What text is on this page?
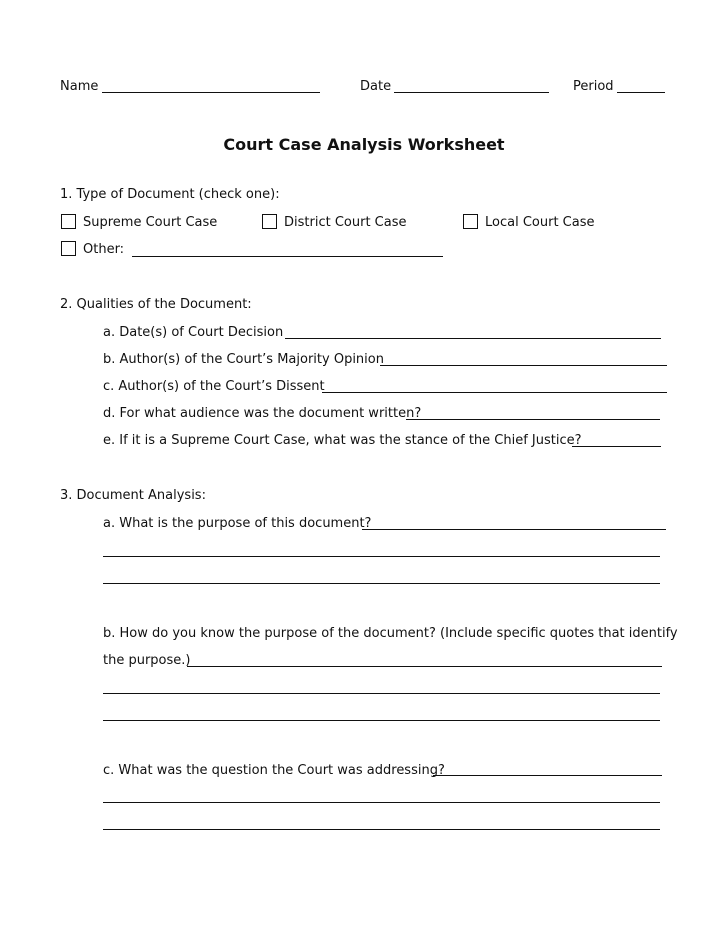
Name	Date	Period
Court Case Analysis Worksheet
1. Type of Document (check one):
Supreme Court Case	District Court Case	Local Court Case
Other:
2. Qualities of the Document:
a. Date(s) of Court Decision
b. Author(s) of the Court’s Majority Opinion
c. Author(s) of the Court’s Dissent
d. For what audience was the document written?
e. If it is a Supreme Court Case, what was the stance of the Chief Justice?
3. Document Analysis:
a. What is the purpose of this document?
b. How do you know the purpose of the document? (Include specific quotes that identify
the purpose.)
c. What was the question the Court was addressing?
